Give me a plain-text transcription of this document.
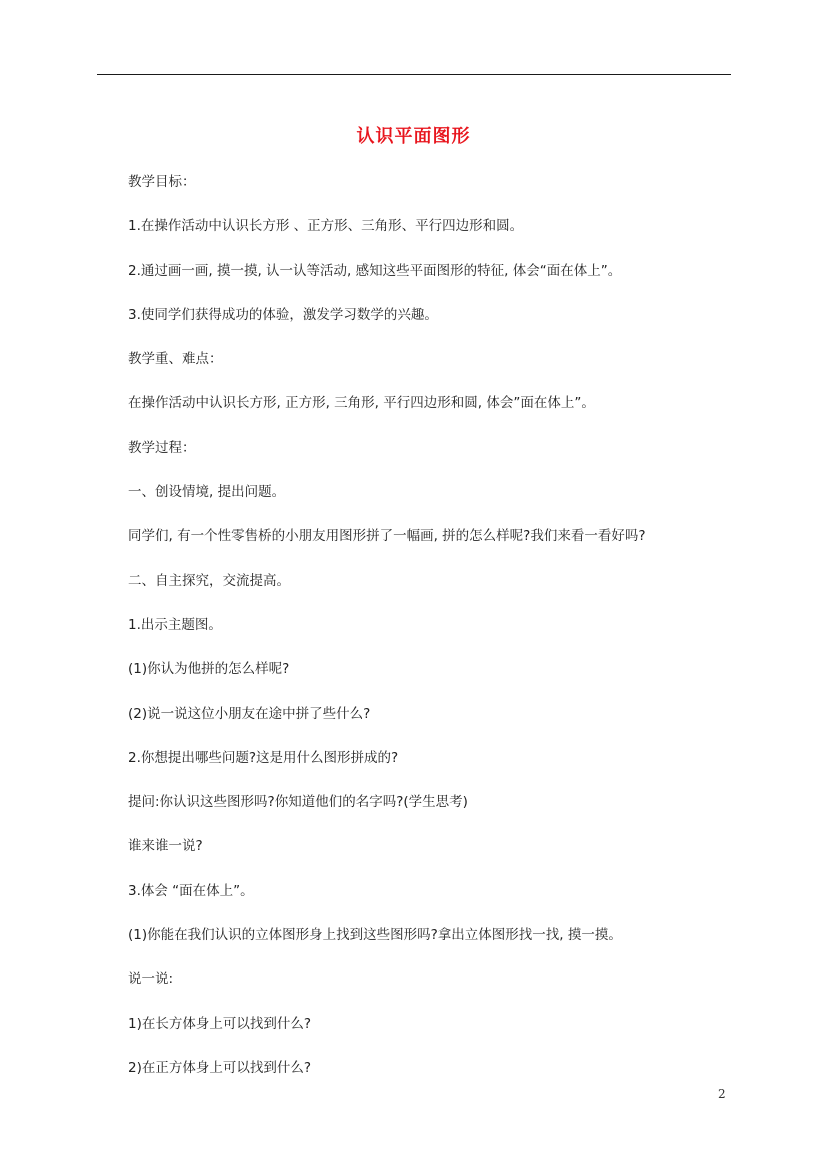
认识平面图形
教学目标：
1.在操作活动中认识长方形 、正方形、三角形、平行四边形和圆。
2.通过画一画, 摸一摸, 认一认等活动, 感知这些平面图形的特征, 体会“面在体上”。
3.使同学们获得成功的体验，激发学习数学的兴趣。
教学重、难点：
在操作活动中认识长方形, 正方形, 三角形, 平行四边形和圆, 体会”面在体上”。
教学过程：
一、创设情境, 提出问题。
同学们, 有一个性零售桥的小朋友用图形拼了一幅画, 拼的怎么样呢?我们来看一看好吗?
二、自主探究，交流提高。
1.出示主题图。
(1)你认为他拼的怎么样呢?
(2)说一说这位小朋友在途中拼了些什么?
2.你想提出哪些问题?这是用什么图形拼成的?
提问:你认识这些图形吗?你知道他们的名字吗?(学生思考)
谁来谁一说?
3.体会 “面在体上”。
(1)你能在我们认识的立体图形身上找到这些图形吗?拿出立体图形找一找, 摸一摸。
说一说:
1)在长方体身上可以找到什么?
2)在正方体身上可以找到什么?
2
